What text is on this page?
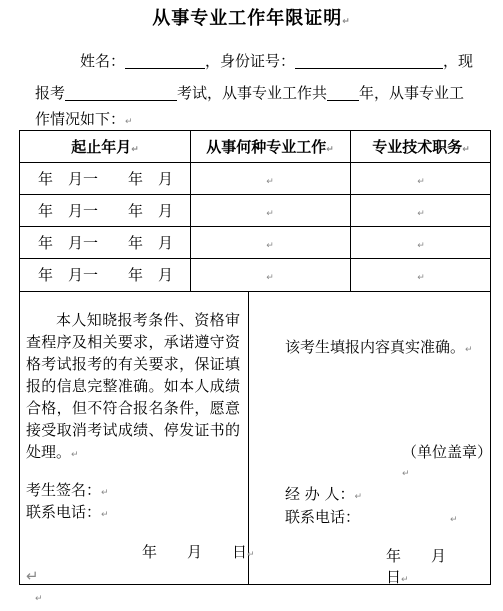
从事专业工作年限证明↵
姓名：	，身份证号：	，现
报考	考试，从事专业工作共 年，从事专业工
作情况如下：↵
起止年月↵	从事何种专业工作↵	专业技术职务↵
年　月一　　年　月	↵	↵
年　月一　　年　月	↵	↵
年　月一　　年　月	↵	↵
年　月一　　年　月	↵	↵
本人知晓报考条件、资格审查程序及相关要求，承诺遵守资格考试报考的有关要求，保证填报的信息完整准确。如本人成绩合格，但不符合报名条件，愿意接受取消考试成绩、停发证书的处理。↵
考生签名：↵
联系电话：↵
年　　月　　日↵
↵
该考生填报内容真实准确。↵
（单位盖章）↵
经 办 人：↵
联系电话：	↵
年　　月　　日↵
↵
